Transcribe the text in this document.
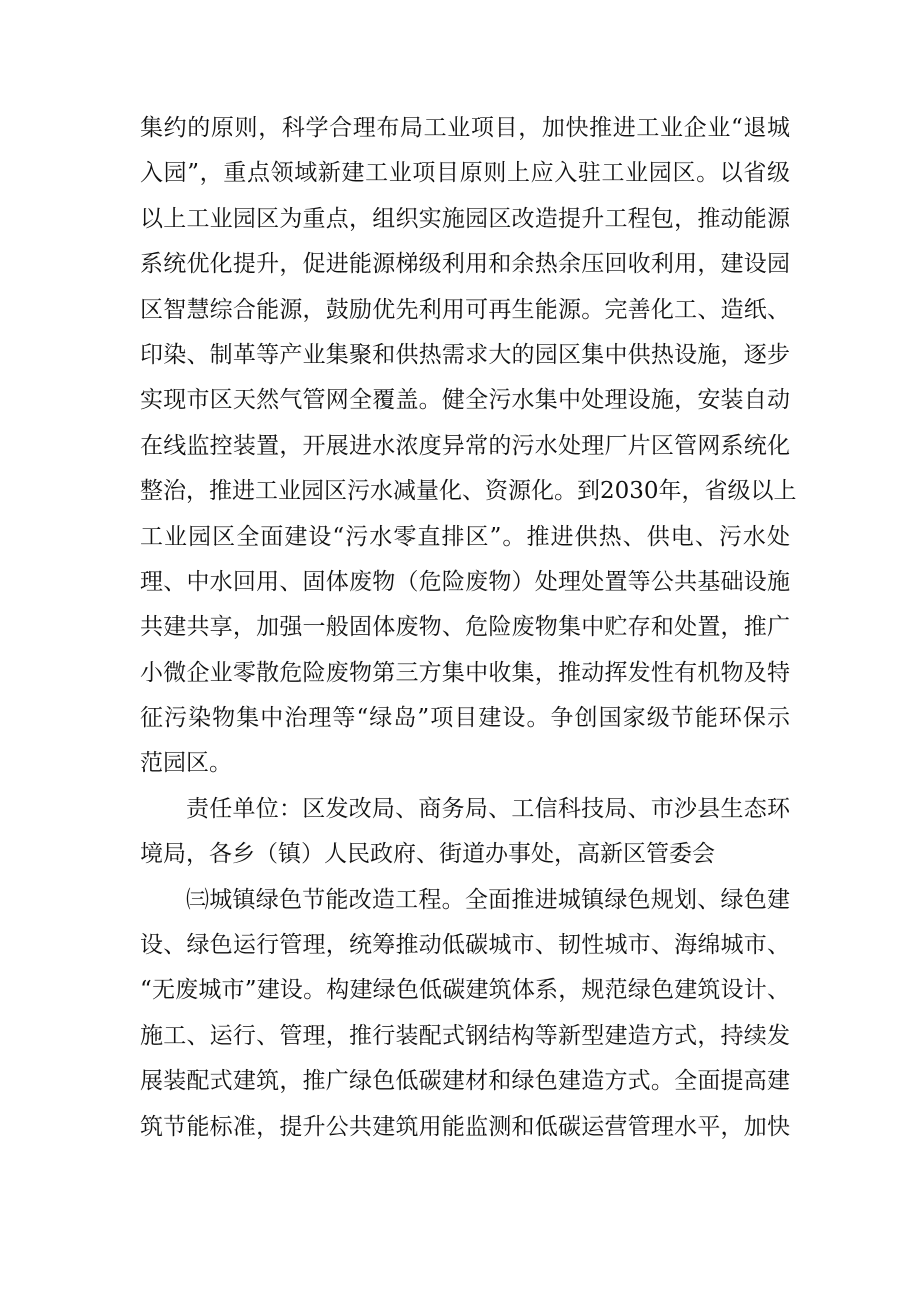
集约的原则，科学合理布局工业项目，加快推进工业企业“退城
入园”，重点领域新建工业项目原则上应入驻工业园区。以省级
以上工业园区为重点，组织实施园区改造提升工程包，推动能源
系统优化提升，促进能源梯级利用和余热余压回收利用，建设园
区智慧综合能源，鼓励优先利用可再生能源。完善化工、造纸、
印染、制革等产业集聚和供热需求大的园区集中供热设施，逐步
实现市区天然气管网全覆盖。健全污水集中处理设施，安装自动
在线监控装置，开展进水浓度异常的污水处理厂片区管网系统化
整治，推进工业园区污水减量化、资源化。到2030年，省级以上
工业园区全面建设“污水零直排区”。推进供热、供电、污水处
理、中水回用、固体废物（危险废物）处理处置等公共基础设施
共建共享，加强一般固体废物、危险废物集中贮存和处置，推广
小微企业零散危险废物第三方集中收集，推动挥发性有机物及特
征污染物集中治理等“绿岛”项目建设。争创国家级节能环保示
范园区。
责任单位：区发改局、商务局、工信科技局、市沙县生态环
境局，各乡（镇）人民政府、街道办事处，高新区管委会
㈢城镇绿色节能改造工程。全面推进城镇绿色规划、绿色建
设、绿色运行管理，统筹推动低碳城市、韧性城市、海绵城市、
“无废城市”建设。构建绿色低碳建筑体系，规范绿色建筑设计、
施工、运行、管理，推行装配式钢结构等新型建造方式，持续发
展装配式建筑，推广绿色低碳建材和绿色建造方式。全面提高建
筑节能标准，提升公共建筑用能监测和低碳运营管理水平，加快
